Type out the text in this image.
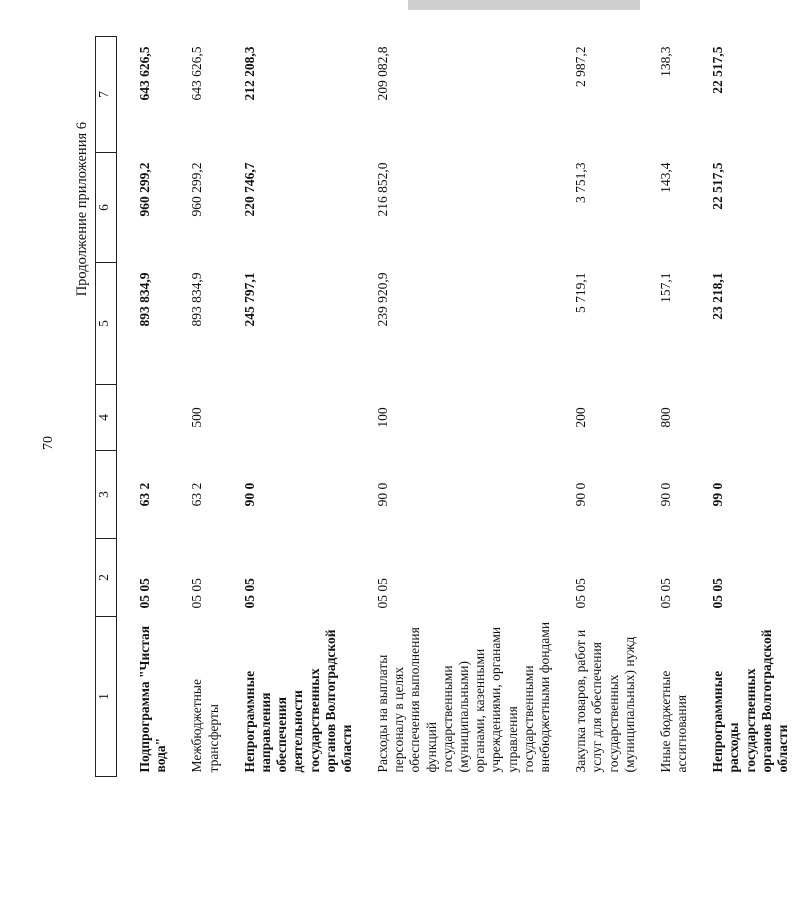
70
Продолжение приложения 6
1	2	3	4	5	6	7
Подпрограмма "Чистая вода"	05 05	63 2		893 834,9	960 299,2	643 626,5
Межбюджетные трансферты	05 05	63 2	500	893 834,9	960 299,2	643 626,5
Непрограммные направления обеспечения деятельности государственных органов Волгоградской области	05 05	90 0		245 797,1	220 746,7	212 208,3
Расходы на выплаты персоналу в целях обеспечения выполнения функций государственными (муниципальными) органами, казенными учреждениями, органами управления государственными внебюджетными фондами	05 05	90 0	100	239 920,9	216 852,0	209 082,8
Закупка товаров, работ и услуг для обеспечения государственных (муниципальных) нужд	05 05	90 0	200	5 719,1	3 751,3	2 987,2
Иные бюджетные ассигнования	05 05	90 0	800	157,1	143,4	138,3
Непрограммные расходы государственных органов Волгоградской области	05 05	99 0		23 218,1	22 517,5	22 517,5
